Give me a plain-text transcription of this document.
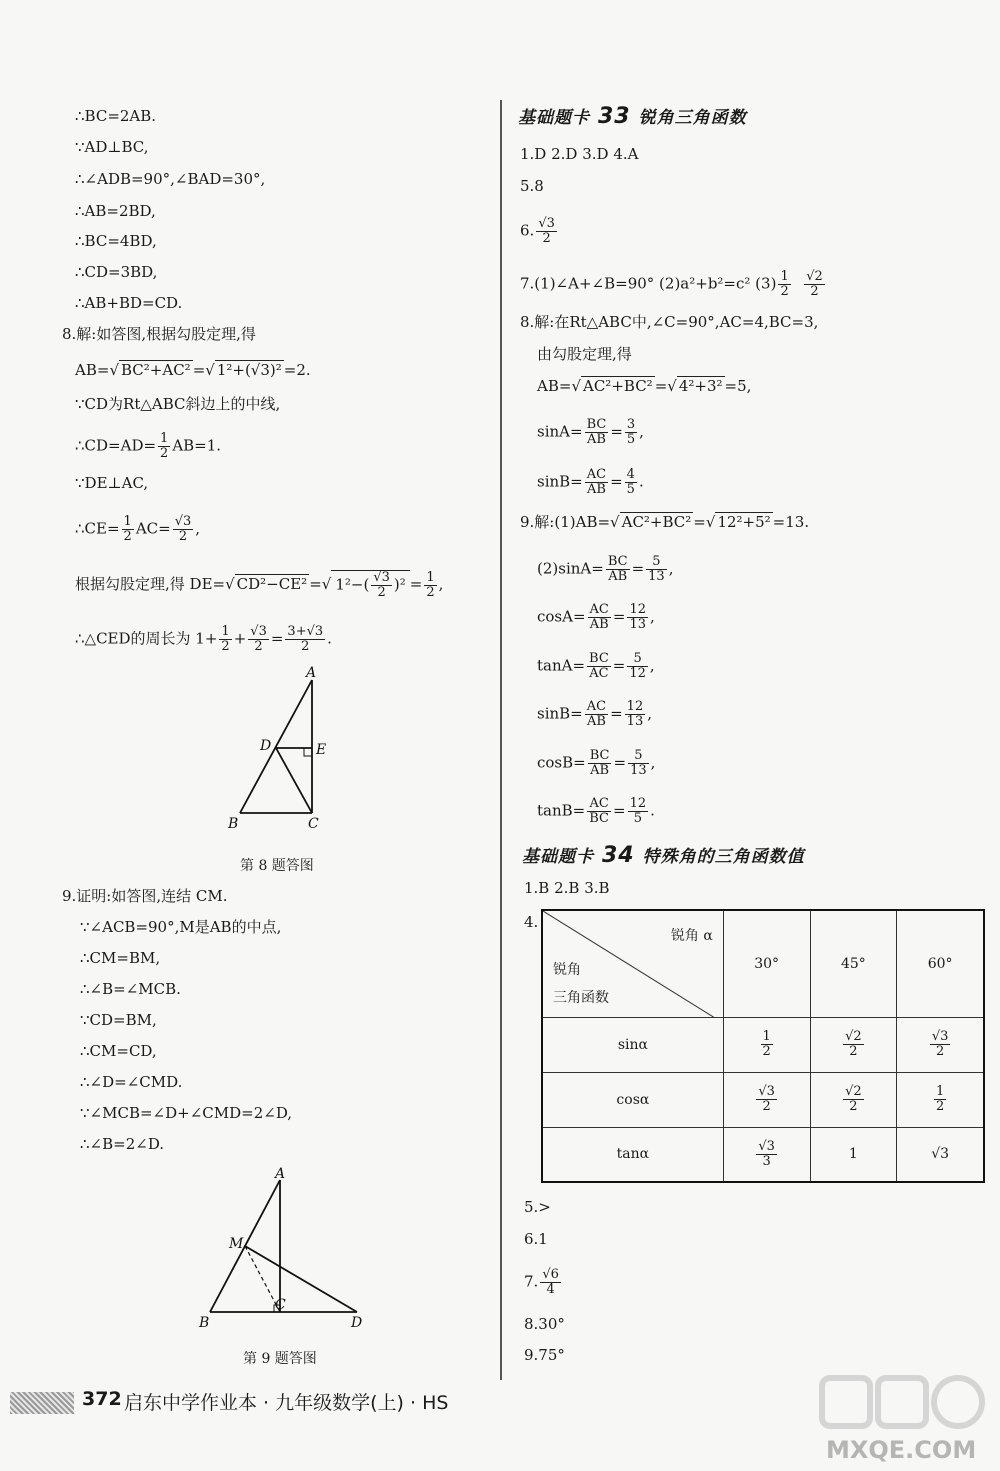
∴BC=2AB.
∵AD⊥BC,
∴∠ADB=90°,∠BAD=30°,
∴AB=2BD,
∴BC=4BD,
∴CD=3BD,
∴AB+BD=CD.
8.解:如答图,根据勾股定理,得
AB=√ BC²+AC² =√ 1²+(√3)² =2.
∵CD为Rt△ABC斜边上的中线,
∴CD=AD= $\frac{1}{2} AB=1$.
∵DE⊥AC,
∴CE= $\frac{1}{2} AC= \frac{√3}{2}$ ,
根据勾股定理,得 DE=√ CD²−CE² =√ $1^2-( \frac{√3}{2} )^2 = \frac{1}{2}$ ,
∴△CED的周长为 $1+ \frac{1}{2} + \frac{√3}{2} = \frac{3+√3}{2}$ .
A
B	C
D	E
第 8 题答图
9.证明:如答图,连结 CM.
∵∠ACB=90°,M是AB的中点,
∴CM=BM,
∴∠B=∠MCB.
∵CD=BM,
∴CM=CD,
∴∠D=∠CMD.
∵∠MCB=∠D+∠CMD=2∠D,
∴∠B=2∠D.
A
M
B
C
D
第 9 题答图
基础题卡 33 锐角三角函数
1.D 2.D 3.D 4.A
5.8
6. $\frac{√3}{2}$
7.(1)∠A+∠B=90° (2)a²+b²=c² $(3) \frac{1}{2}$
$\frac{√2}{2}$
8.解:在Rt△ABC中,∠C=90°,AC=4,BC=3,
由勾股定理,得
AB=√ AC²+BC² =√ 4²+3² =5,
$\sin A= \frac{BC}{AB} = \frac{3}{5}$ ,
$\sin B= \frac{AC}{AB} = \frac{4}{5}$ .
9.解:(1)AB=√ AC²+BC² =√ 12²+5² =13.
$(2)\sin A= \frac{BC}{AB} = \frac{5}{13}$ ,
$\cos A= \frac{AC}{AB} = \frac{12}{13}$ ,
$\tan A= \frac{BC}{AC} = \frac{5}{12}$ ,
$\sin B= \frac{AC}{AB} = \frac{12}{13}$ ,
$\cos B= \frac{BC}{AB} = \frac{5}{13}$ ,
$\tan B= \frac{AC}{BC} = \frac{12}{5}$ .
基础题卡 34 特殊角的三角函数值
1.B 2.B 3.B
4.
锐角 α
锐角
三角函数	30°	45°	60°
sinα	$\frac{1}{2}$	$\frac{√2}{2}$	$\frac{√3}{2}$

cosα	$\frac{√3}{2}$	$\frac{√2}{2}$	$\frac{1}{2}$

tanα	$\frac{√3}{3}$	1	√3
5.>
6.1
7. $\frac{√6}{4}$
8.30°
9.75°
372 启东中学作业本 · 九年级数学(上) · HS
MXQE.COM
